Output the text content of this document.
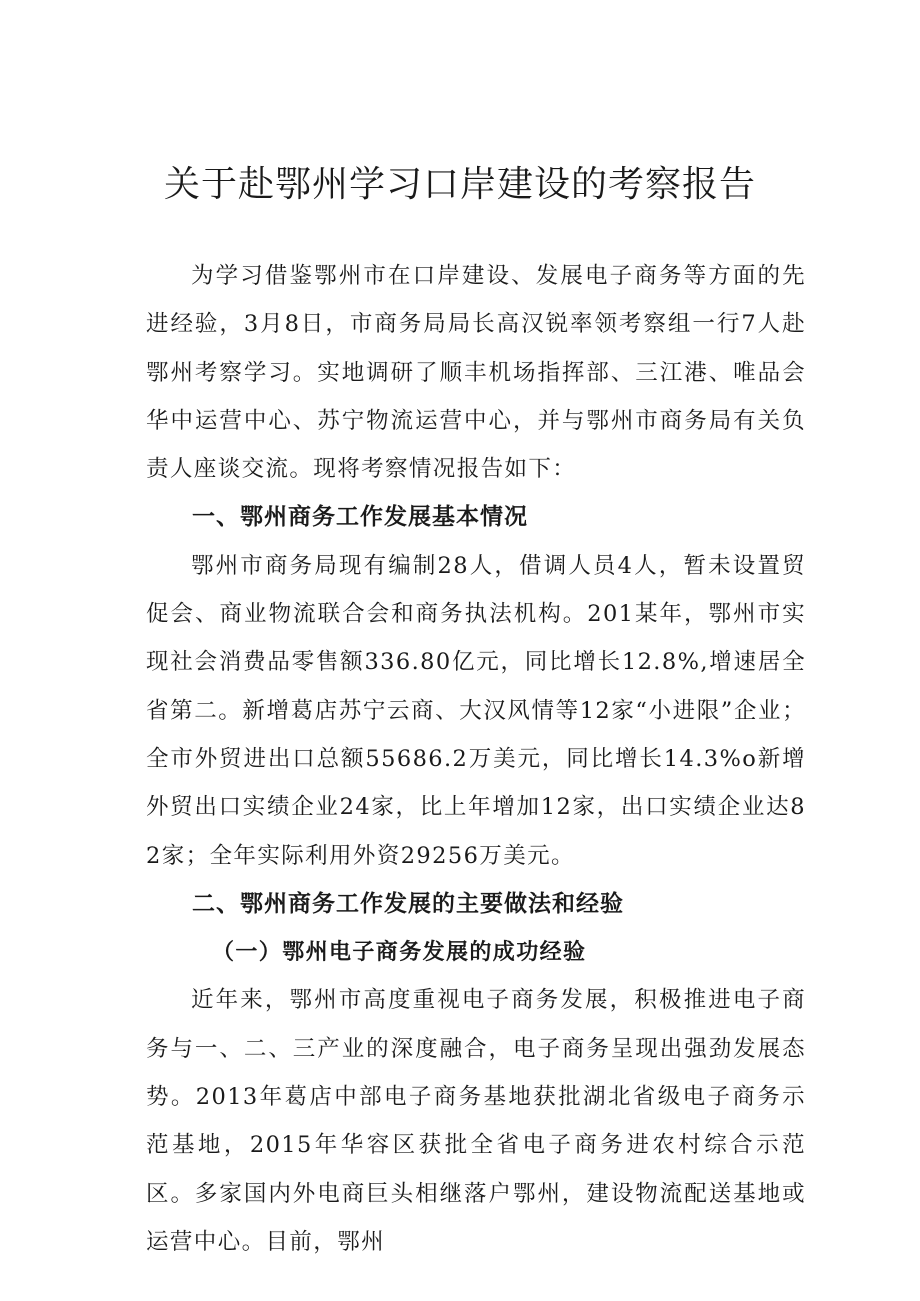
关于赴鄂州学习口岸建设的考察报告

为学习借鉴鄂州市在口岸建设、发展电子商务等方面的先进经验，3月8日，市商务局局长高汉锐率领考察组一行7人赴鄂州考察学习。实地调研了顺丰机场指挥部、三江港、唯品会华中运营中心、苏宁物流运营中心，并与鄂州市商务局有关负责人座谈交流。现将考察情况报告如下：

一、鄂州商务工作发展基本情况

鄂州市商务局现有编制28人，借调人员4人，暂未设置贸促会、商业物流联合会和商务执法机构。201某年，鄂州市实现社会消费品零售额336.80亿元，同比增长12.8%,增速居全省第二。新增葛店苏宁云商、大汉风情等12家“小进限”企业；全市外贸进出口总额55686.2万美元，同比增长14.3%o新增外贸出口实绩企业24家，比上年增加12家，出口实绩企业达82家；全年实际利用外资29256万美元。

二、鄂州商务工作发展的主要做法和经验
（一）鄂州电子商务发展的成功经验

近年来，鄂州市高度重视电子商务发展，积极推进电子商务与一、二、三产业的深度融合，电子商务呈现出强劲发展态势。2013年葛店中部电子商务基地获批湖北省级电子商务示范基地，2015年华容区获批全省电子商务进农村综合示范区。多家国内外电商巨头相继落户鄂州，建设物流配送基地或运营中心。目前，鄂州
